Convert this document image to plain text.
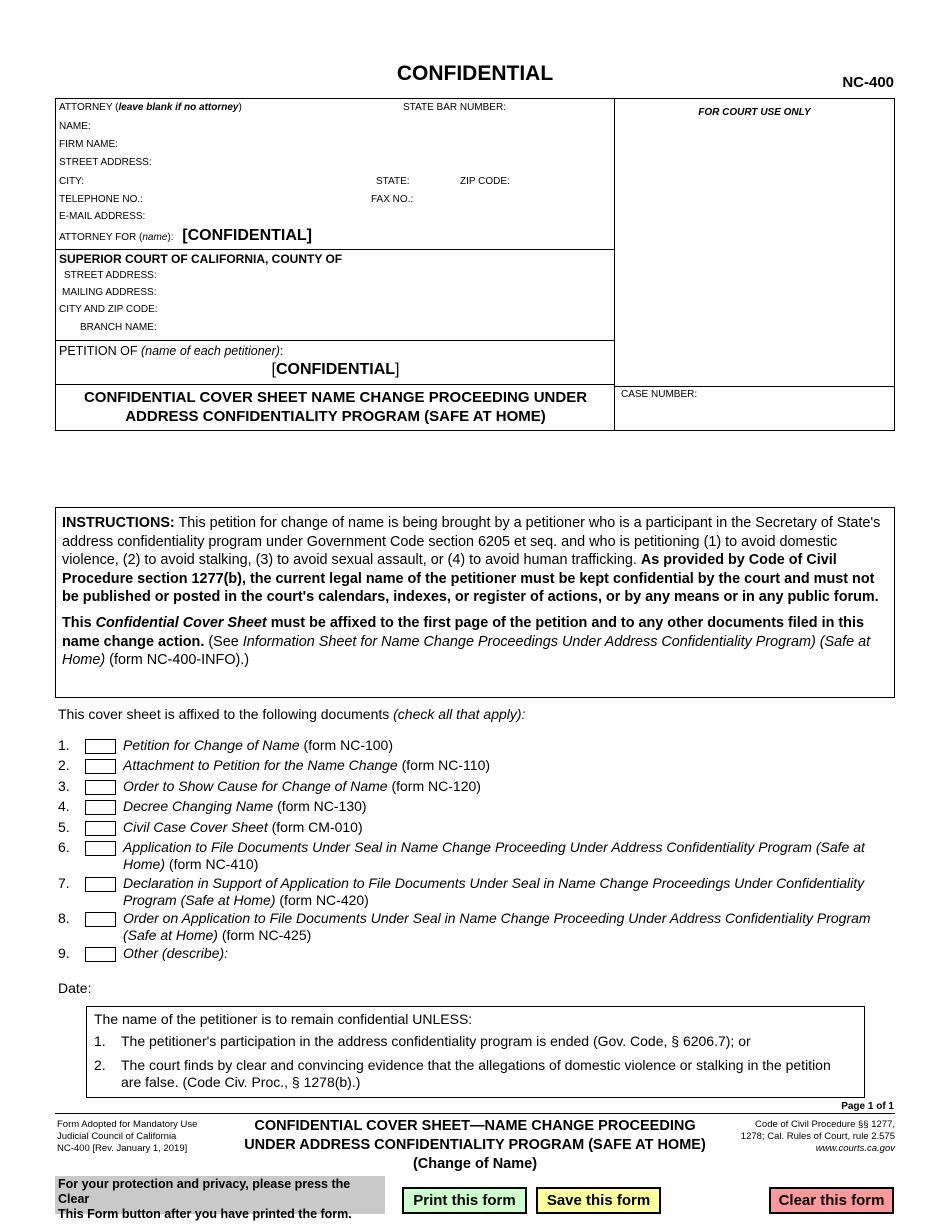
CONFIDENTIAL	NC-400
ATTORNEY (leave blank if no attorney)	STATE BAR NUMBER:
NAME:
FIRM NAME:
STREET ADDRESS:
CITY:	STATE:	ZIP CODE:
TELEPHONE NO.:	FAX NO.:
E-MAIL ADDRESS:
ATTORNEY FOR (name): [CONFIDENTIAL]
SUPERIOR COURT OF CALIFORNIA, COUNTY OF
STREET ADDRESS:
MAILING ADDRESS:
CITY AND ZIP CODE:
BRANCH NAME:
PETITION OF (name of each petitioner):
[CONFIDENTIAL]
CONFIDENTIAL COVER SHEET NAME CHANGE PROCEEDING UNDER
ADDRESS CONFIDENTIALITY PROGRAM (SAFE AT HOME)
FOR COURT USE ONLY
CASE NUMBER:

INSTRUCTIONS: This petition for change of name is being brought by a petitioner who is a participant in the Secretary of State's address confidentiality program under Government Code section 6205 et seq. and who is petitioning (1) to avoid domestic violence, (2) to avoid stalking, (3) to avoid sexual assault, or (4) to avoid human trafficking. As provided by Code of Civil Procedure section 1277(b), the current legal name of the petitioner must be kept confidential by the court and must not be published or posted in the court's calendars, indexes, or register of actions, or by any means or in any public forum.

This Confidential Cover Sheet must be affixed to the first page of the petition and to any other documents filed in this name change action. (See Information Sheet for Name Change Proceedings Under Address Confidentiality Program) (Safe at Home) (form NC-400-INFO).)

This cover sheet is affixed to the following documents (check all that apply):
1.	Petition for Change of Name (form NC-100)
2.	Attachment to Petition for the Name Change (form NC-110)
3.	Order to Show Cause for Change of Name (form NC-120)
4.	Decree Changing Name (form NC-130)
5.	Civil Case Cover Sheet (form CM-010)
6.	Application to File Documents Under Seal in Name Change Proceeding Under Address Confidentiality Program (Safe at Home) (form NC-410)
7.	Declaration in Support of Application to File Documents Under Seal in Name Change Proceedings Under Confidentiality Program (Safe at Home) (form NC-420)
8.	Order on Application to File Documents Under Seal in Name Change Proceeding Under Address Confidentiality Program (Safe at Home) (form NC-425)
9.	Other (describe):
Date:
The name of the petitioner is to remain confidential UNLESS:
1. The petitioner's participation in the address confidentiality program is ended (Gov. Code, § 6206.7); or
2. The court finds by clear and convincing evidence that the allegations of domestic violence or stalking in the petition are false. (Code Civ. Proc., § 1278(b).)
Page 1 of 1
Form Adopted for Mandatory Use
Judicial Council of California
NC-400 [Rev. January 1, 2019]
CONFIDENTIAL COVER SHEET—NAME CHANGE PROCEEDING
UNDER ADDRESS CONFIDENTIALITY PROGRAM (SAFE AT HOME)
(Change of Name)
Code of Civil Procedure §§ 1277,
1278; Cal. Rules of Court, rule 2.575
www.courts.ca.gov
For your protection and privacy, please press the Clear
This Form button after you have printed the form.
Print this form	Save this form	Clear this form
